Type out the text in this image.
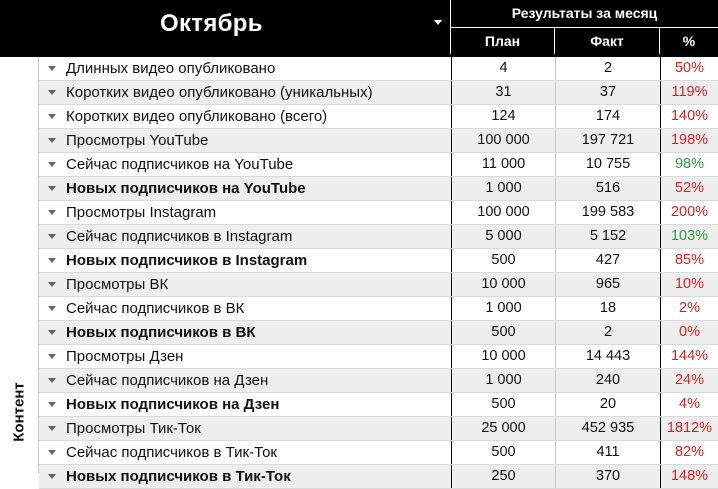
Октябрь	Результаты за месяц
План	Факт	%
Контент
Длинных видео опубликовано	4	2	50%
Коротких видео опубликовано (уникальных)	31	37	119%
Коротких видео опубликовано (всего)	124	174	140%
Просмотры YouTube	100 000	197 721	198%
Сейчас подписчиков на YouTube	11 000	10 755	98%
Новых подписчиков на YouTube	1 000	516	52%
Просмотры Instagram	100 000	199 583	200%
Сейчас подписчиков в Instagram	5 000	5 152	103%
Новых подписчиков в Instagram	500	427	85%
Просмотры ВК	10 000	965	10%
Сейчас подписчиков в ВК	1 000	18	2%
Новых подписчиков в ВК	500	2	0%
Просмотры Дзен	10 000	14 443	144%
Сейчас подписчиков на Дзен	1 000	240	24%
Новых подписчиков на Дзен	500	20	4%
Просмотры Тик-Ток	25 000	452 935	1812%
Сейчас подписчиков в Тик-Ток	500	411	82%
Новых подписчиков в Тик-Ток	250	370	148%
